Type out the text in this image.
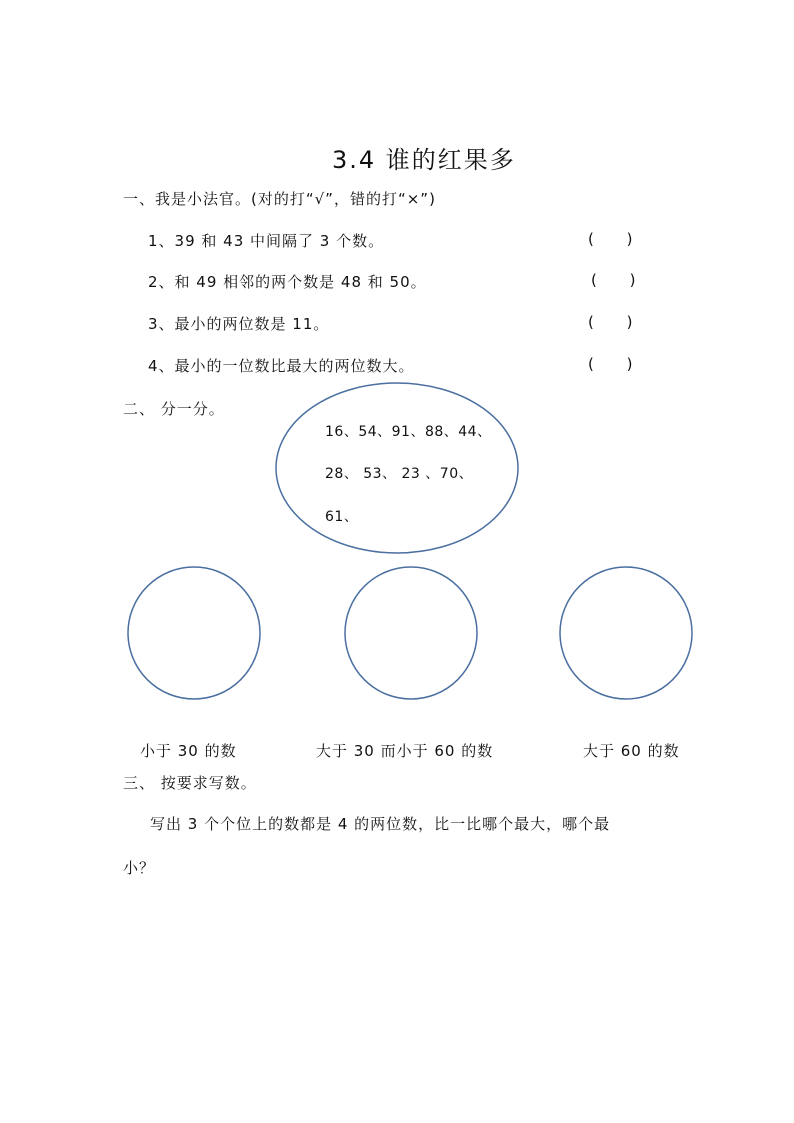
3.4 谁的红果多
一、我是小法官。(对的打“√”，错的打“×”)
1、39 和 43 中间隔了 3 个数。	( )
2、和 49 相邻的两个数是 48 和 50。	( )
3、最小的两位数是 11。	( )
4、最小的一位数比最大的两位数大。	( )
二、 分一分。
16、54、91、88、44、
28、 53、 23 、70、
61、
小于 30 的数	大于 30 而小于 60 的数	大于 60 的数
三、 按要求写数。
写出 3 个个位上的数都是 4 的两位数，比一比哪个最大，哪个最
小？
